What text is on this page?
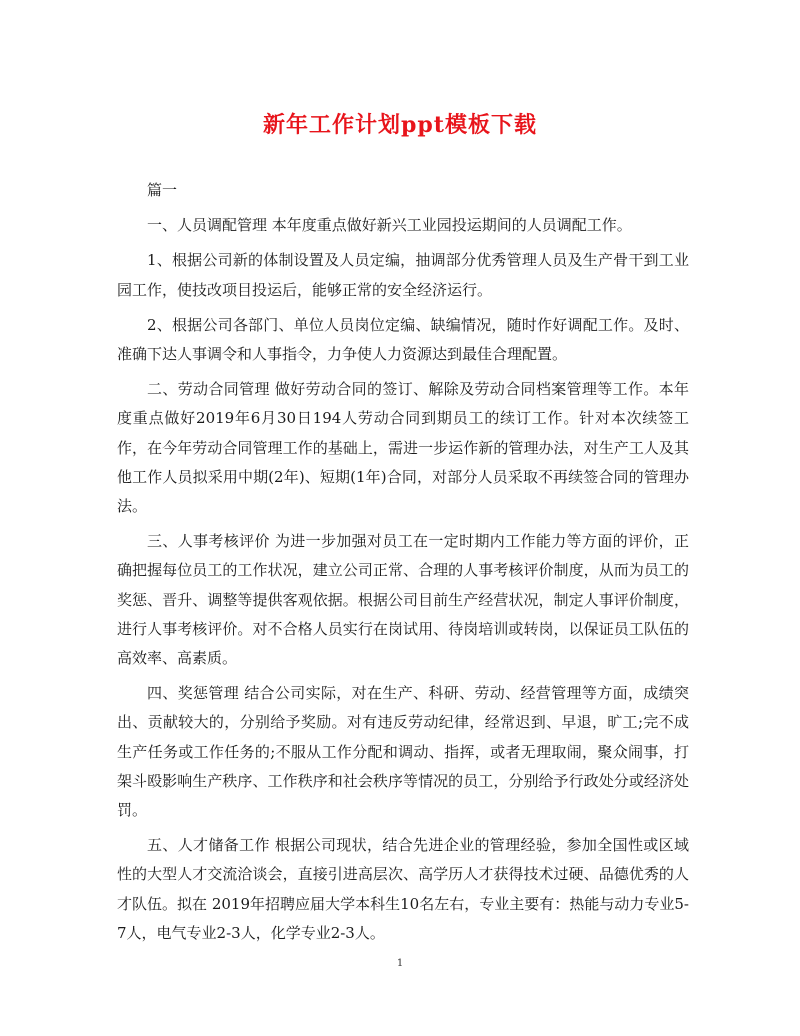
新年工作计划ppt模板下载

篇一

一、人员调配管理 本年度重点做好新兴工业园投运期间的人员调配工作。

1、根据公司新的体制设置及人员定编，抽调部分优秀管理人员及生产骨干到工业园工作，使技改项目投运后，能够正常的安全经济运行。

2、根据公司各部门、单位人员岗位定编、缺编情况，随时作好调配工作。及时、准确下达人事调令和人事指令，力争使人力资源达到最佳合理配置。

二、劳动合同管理 做好劳动合同的签订、解除及劳动合同档案管理等工作。本年度重点做好2019年6月30日194人劳动合同到期员工的续订工作。针对本次续签工作，在今年劳动合同管理工作的基础上，需进一步运作新的管理办法，对生产工人及其他工作人员拟采用中期(2年)、短期(1年)合同，对部分人员采取不再续签合同的管理办法。

三、人事考核评价 为进一步加强对员工在一定时期内工作能力等方面的评价，正确把握每位员工的工作状况，建立公司正常、合理的人事考核评价制度，从而为员工的奖惩、晋升、调整等提供客观依据。根据公司目前生产经营状况，制定人事评价制度，进行人事考核评价。对不合格人员实行在岗试用、待岗培训或转岗，以保证员工队伍的高效率、高素质。

四、奖惩管理 结合公司实际，对在生产、科研、劳动、经营管理等方面，成绩突出、贡献较大的，分别给予奖励。对有违反劳动纪律，经常迟到、早退，旷工;完不成生产任务或工作任务的;不服从工作分配和调动、指挥，或者无理取闹，聚众闹事，打架斗殴影响生产秩序、工作秩序和社会秩序等情况的员工，分别给予行政处分或经济处罚。

五、人才储备工作 根据公司现状，结合先进企业的管理经验，参加全国性或区域性的大型人才交流洽谈会，直接引进高层次、高学历人才获得技术过硬、品德优秀的人才队伍。拟在 2019年招聘应届大学本科生10名左右，专业主要有：热能与动力专业5-7人，电气专业2-3人，化学专业2-3人。

1
